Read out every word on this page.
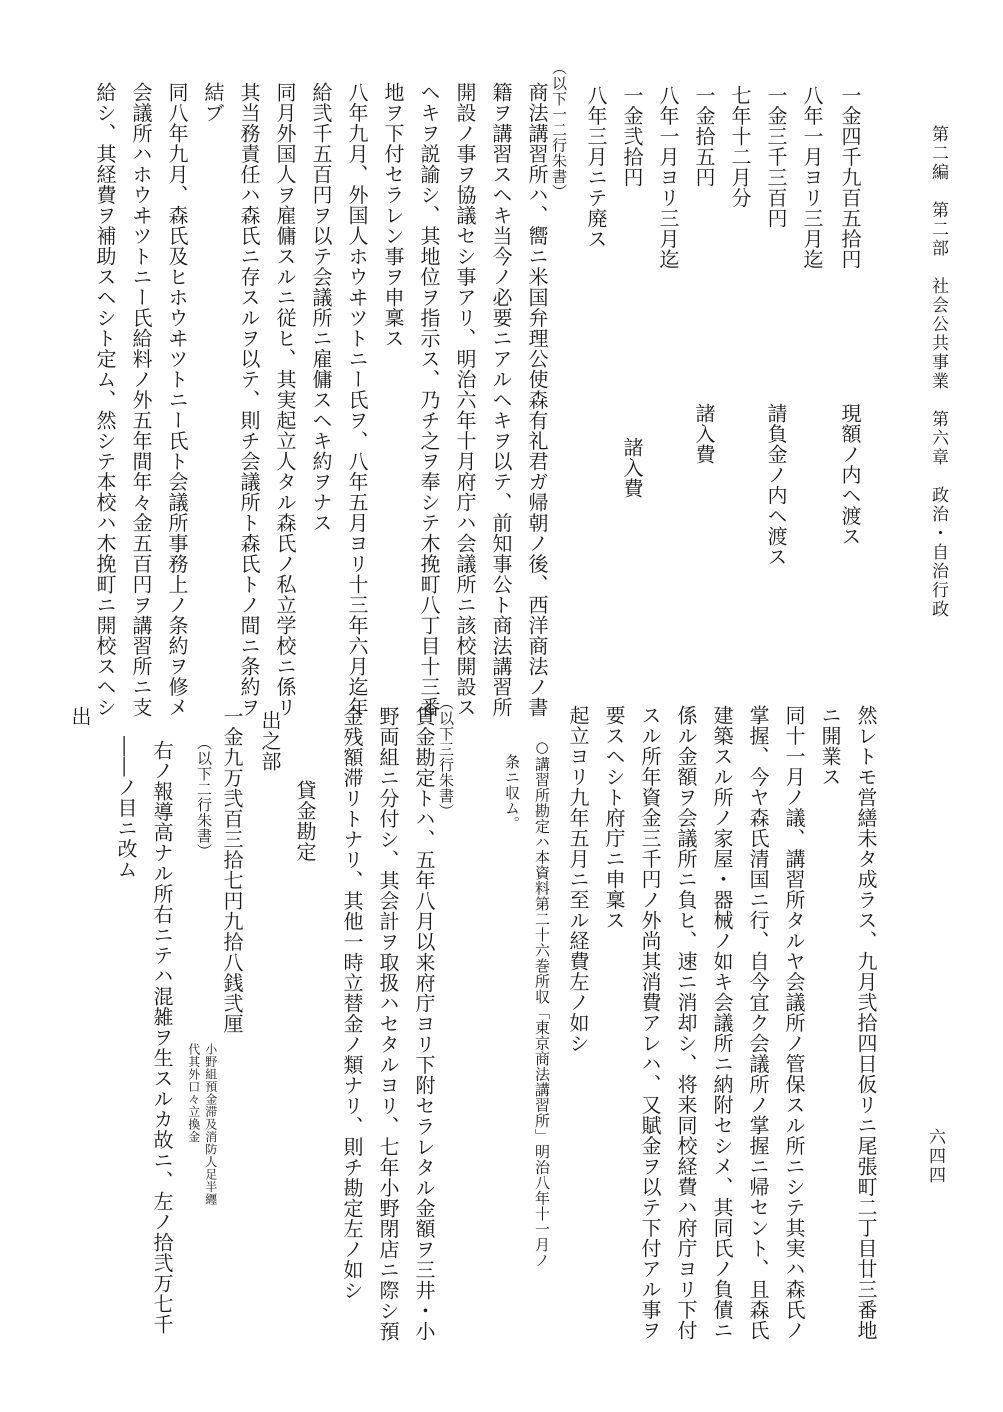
第二編　第二部　社会公共事業　第六章　政治・自治行政
六四四
一金四千九百五拾円
現額ノ内ヘ渡ス
八年一月ヨリ三月迄
一金三千三百円
請負金ノ内ヘ渡ス
七年十二月分
一金拾五円
諸入費
八年一月ヨリ三月迄
一金弐拾円
諸入費
八年三月ニテ廃ス
（以下一二行朱書）
商法講習所ハ、嚮ニ米国弁理公使森有礼君ガ帰朝ノ後、西洋商法ノ書
籍ヲ講習スヘキ当今ノ必要ニアルヘキヲ以テ、前知事公ト商法講習所
開設ノ事ヲ協議セシ事アリ、明治六年十月府庁ハ会議所ニ該校開設ス
ヘキヲ説諭シ、其地位ヲ指示ス、乃チ之ヲ奉シテ木挽町八丁目十三番
地ヲ下付セラレン事ヲ申稟ス
八年九月、外国人ホウヰツトニー氏ヲ、八年五月ヨリ十三年六月迄年
給弐千五百円ヲ以テ会議所ニ雇傭スヘキ約ヲナス
同月外国人ヲ雇傭スルニ従ヒ、其実起立人タル森氏ノ私立学校ニ係リ
其当務責任ハ森氏ニ存スルヲ以テ、則チ会議所ト森氏トノ間ニ条約ヲ
結ブ
同八年九月、森氏及ヒホウヰツトニー氏ト会議所事務上ノ条約ヲ修メ
会議所ハホウヰツトニー氏給料ノ外五年間年々金五百円ヲ講習所ニ支
給シ、其経費ヲ補助スヘシト定ム、然シテ本校ハ木挽町ニ開校スヘシ
然レトモ営繕未タ成ラス、九月弐拾四日仮リニ尾張町二丁目廿三番地
ニ開業ス
同十一月ノ議、講習所タルヤ会議所ノ管保スル所ニシテ其実ハ森氏ノ
掌握、今ヤ森氏清国ニ行、自今宜ク会議所ノ掌握ニ帰セント、且森氏
建築スル所ノ家屋・器械ノ如キ会議所ニ納附セシメ、其同氏ノ負債ニ
係ル金額ヲ会議所ニ負ヒ、速ニ消却シ、将来同校経費ハ府庁ヨリ下付
スル所年資金三千円ノ外尚其消費アレハ、又賦金ヲ以テ下付アル事ヲ
要スヘシト府庁ニ申稟ス
起立ヨリ九年五月ニ至ル経費左ノ如シ
○講習所勘定ハ本資料第二十六巻所収「東京商法講習所」明治八年十一月ノ
条ニ収ム。
（以下三行朱書）
貸金勘定トハ、五年八月以来府庁ヨリ下附セラレタル金額ヲ三井・小
野両組ニ分付シ、其会計ヲ取扱ハセタルヨリ、七年小野閉店ニ際シ預
金残額滞リトナリ、其他一時立替金ノ類ナリ、則チ勘定左ノ如シ
貸金勘定
出之部
一金九万弐百三拾七円九拾八銭弐厘
小野組預金滞及消防人足半纒
代其外口々立換金
（以下二行朱書）
右ノ報導高ナル所右ニテハ混雑ヲ生スルカ故ニ、左ノ拾弐万七千
――ノ目ニ改ム
出
